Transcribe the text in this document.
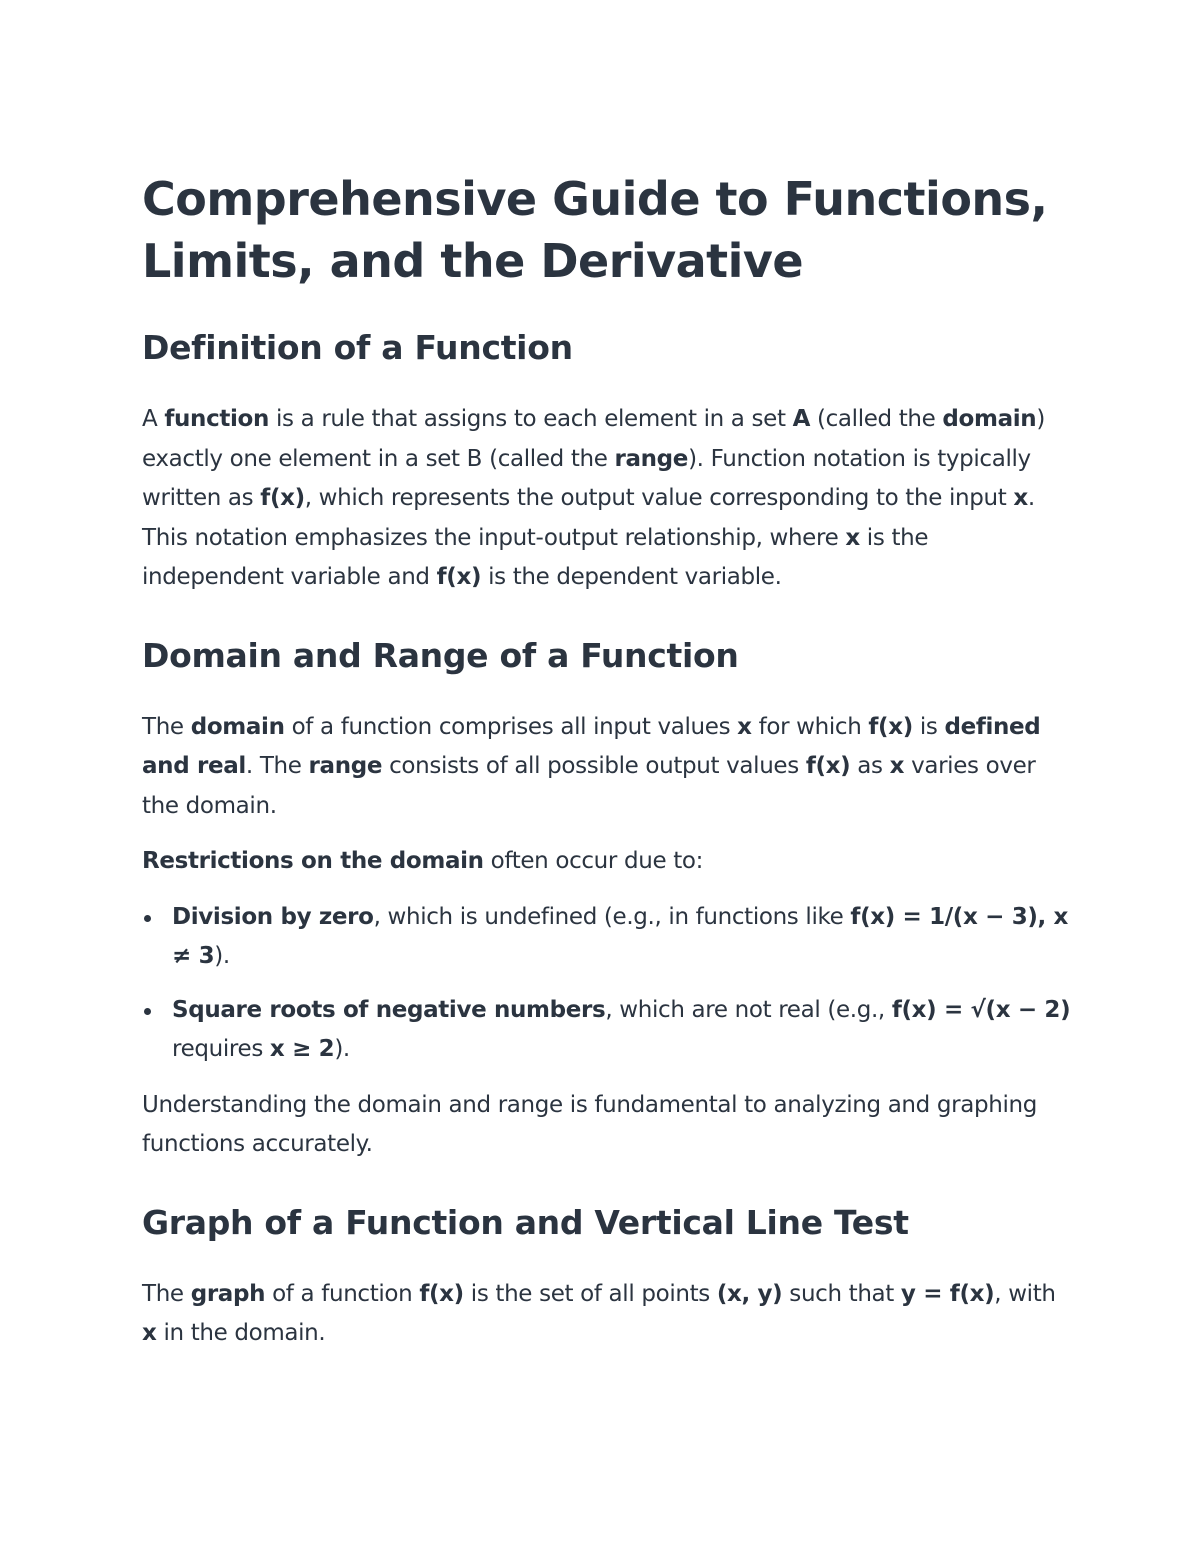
Comprehensive Guide to Functions, Limits, and the Derivative
Definition of a Function

A function is a rule that assigns to each element in a set A (called the domain) exactly one element in a set B (called the range). Function notation is typically written as f(x), which represents the output value corresponding to the input x. This notation emphasizes the input-output relationship, where x is the independent variable and f(x) is the dependent variable.

Domain and Range of a Function

The domain of a function comprises all input values x for which f(x) is defined and real. The range consists of all possible output values f(x) as x varies over the domain.

Restrictions on the domain often occur due to:

Division by zero, which is undefined (e.g., in functions like f(x) = 1/(x − 3), x ≠ 3).
Square roots of negative numbers, which are not real (e.g., f(x) = √(x − 2) requires x ≥ 2).

Understanding the domain and range is fundamental to analyzing and graphing functions accurately.

Graph of a Function and Vertical Line Test

The graph of a function f(x) is the set of all points (x, y) such that y = f(x), with x in the domain.
